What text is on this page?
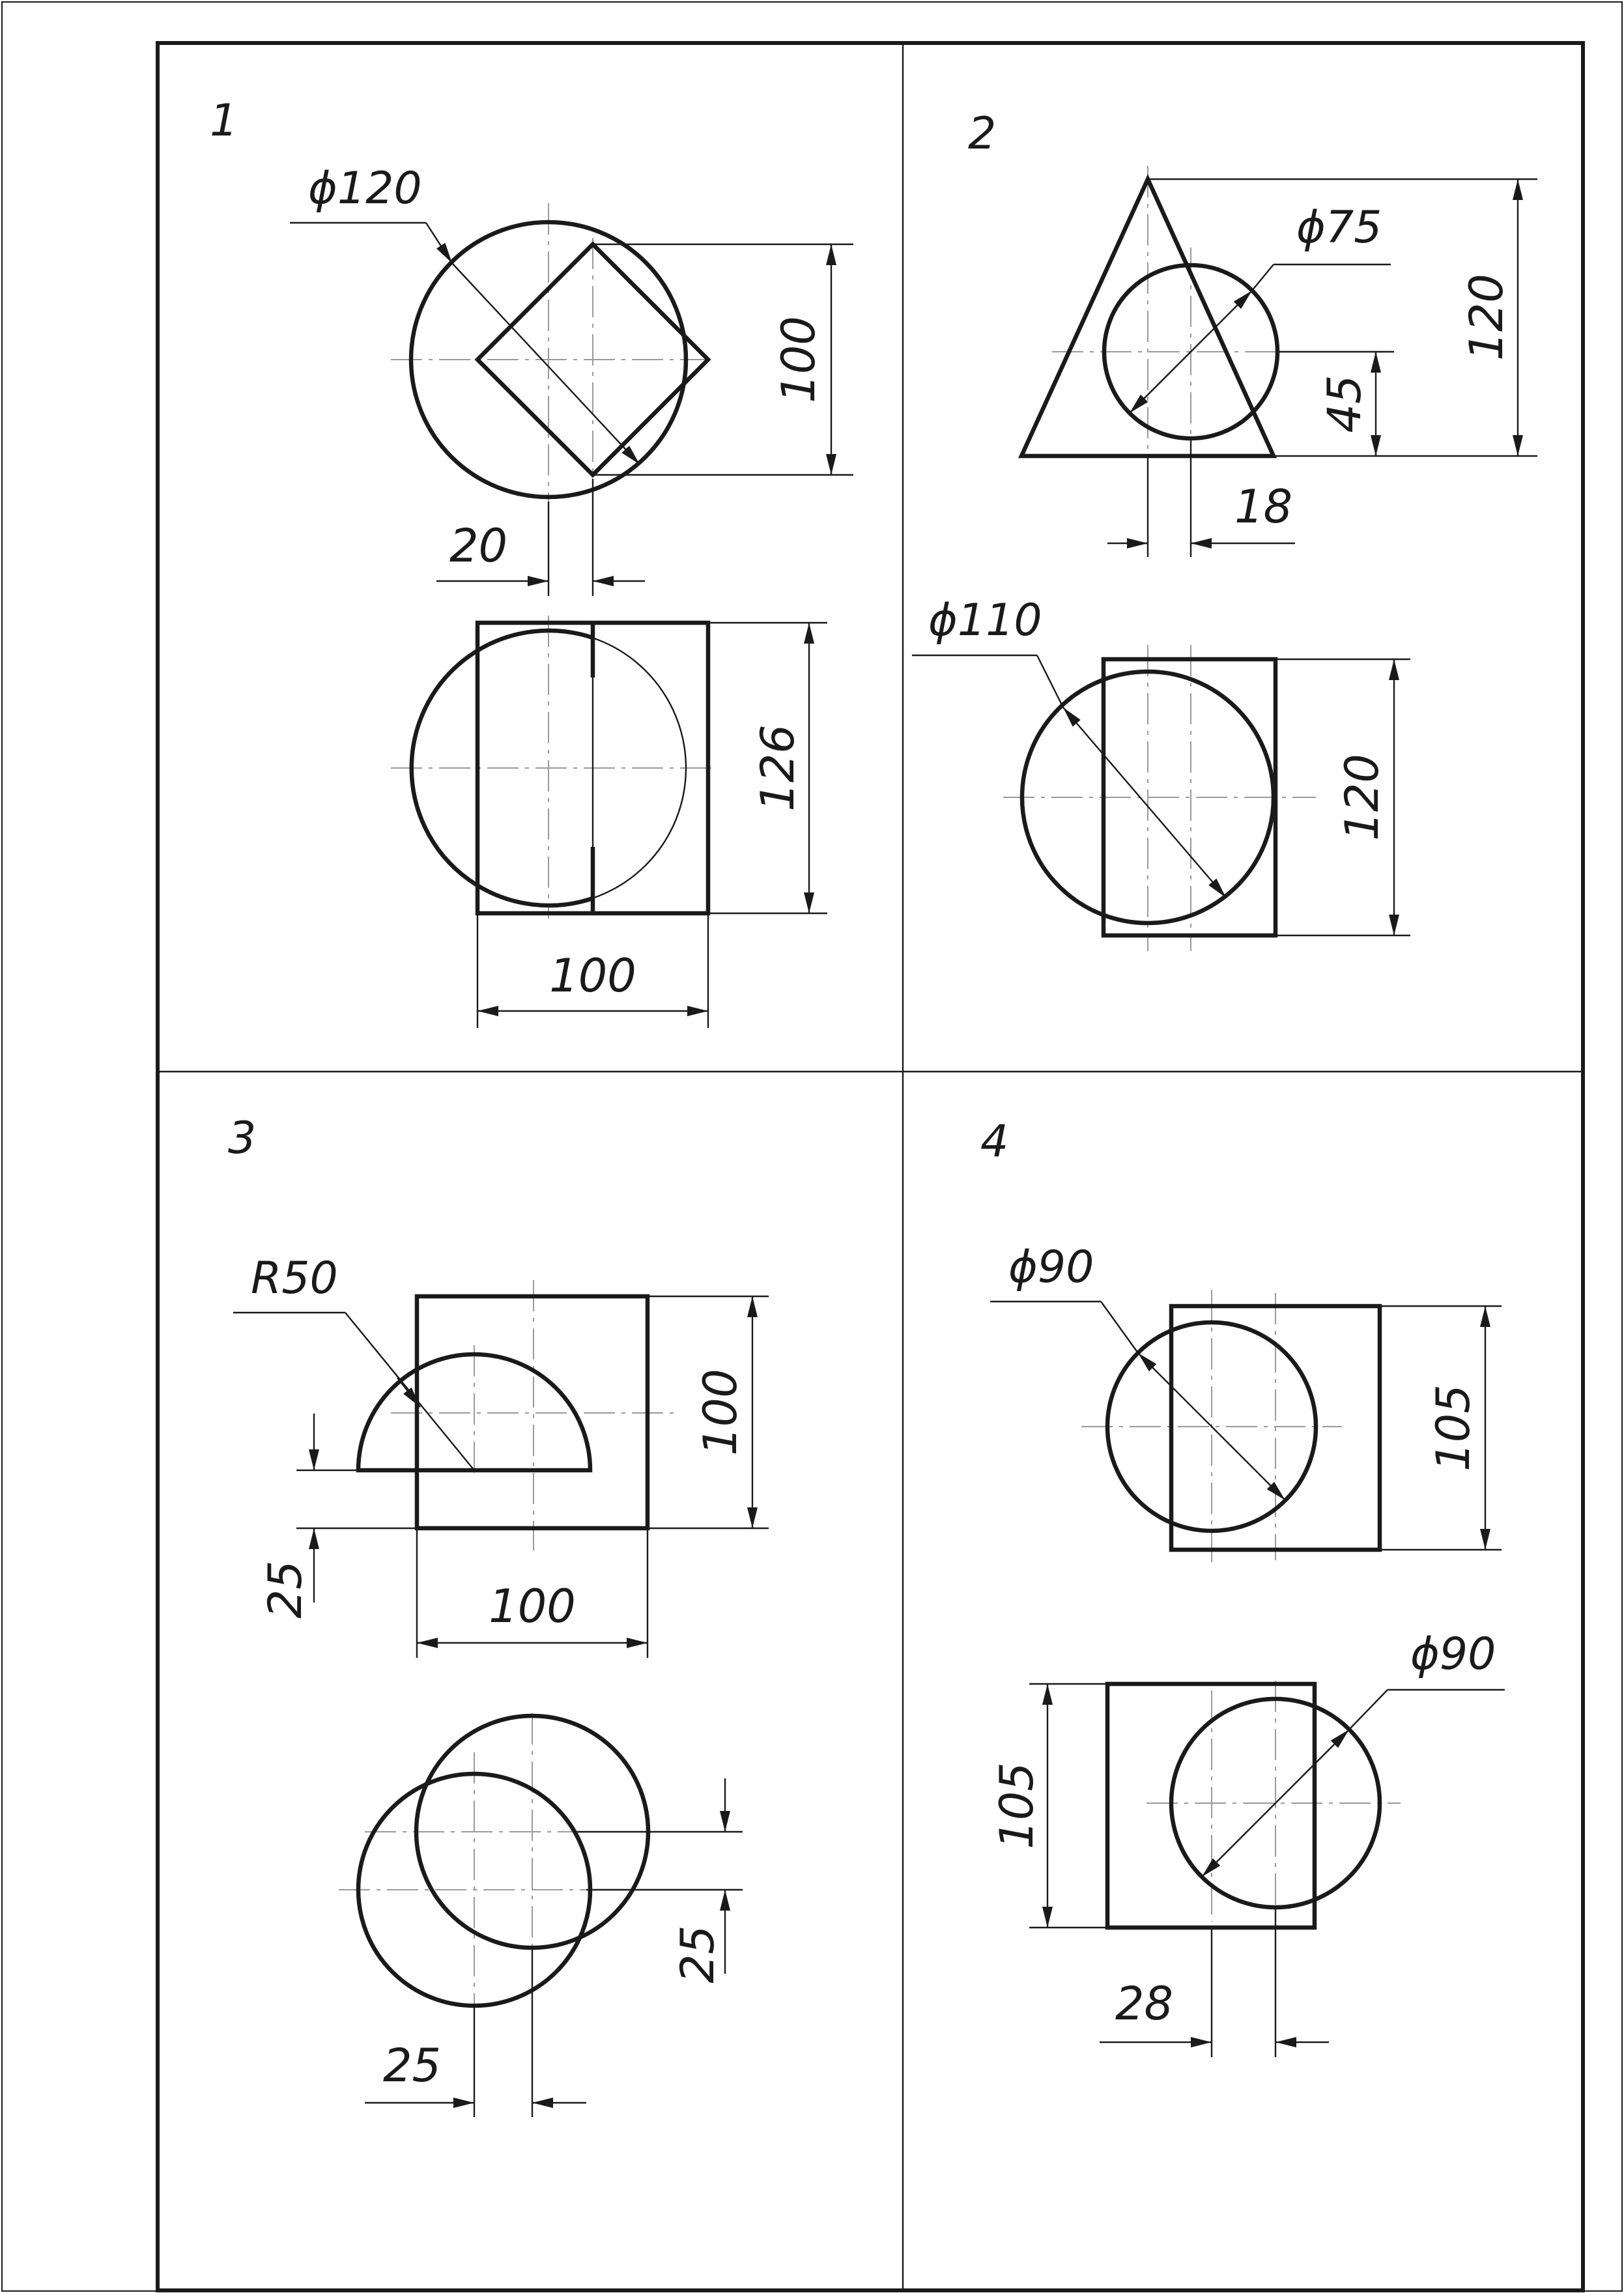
1
ϕ120
100
20
126
100
2
ϕ75
120
45
18
ϕ110
120
3
R50
100
25	100
25
25
4
ϕ90
105
ϕ90
105
28
